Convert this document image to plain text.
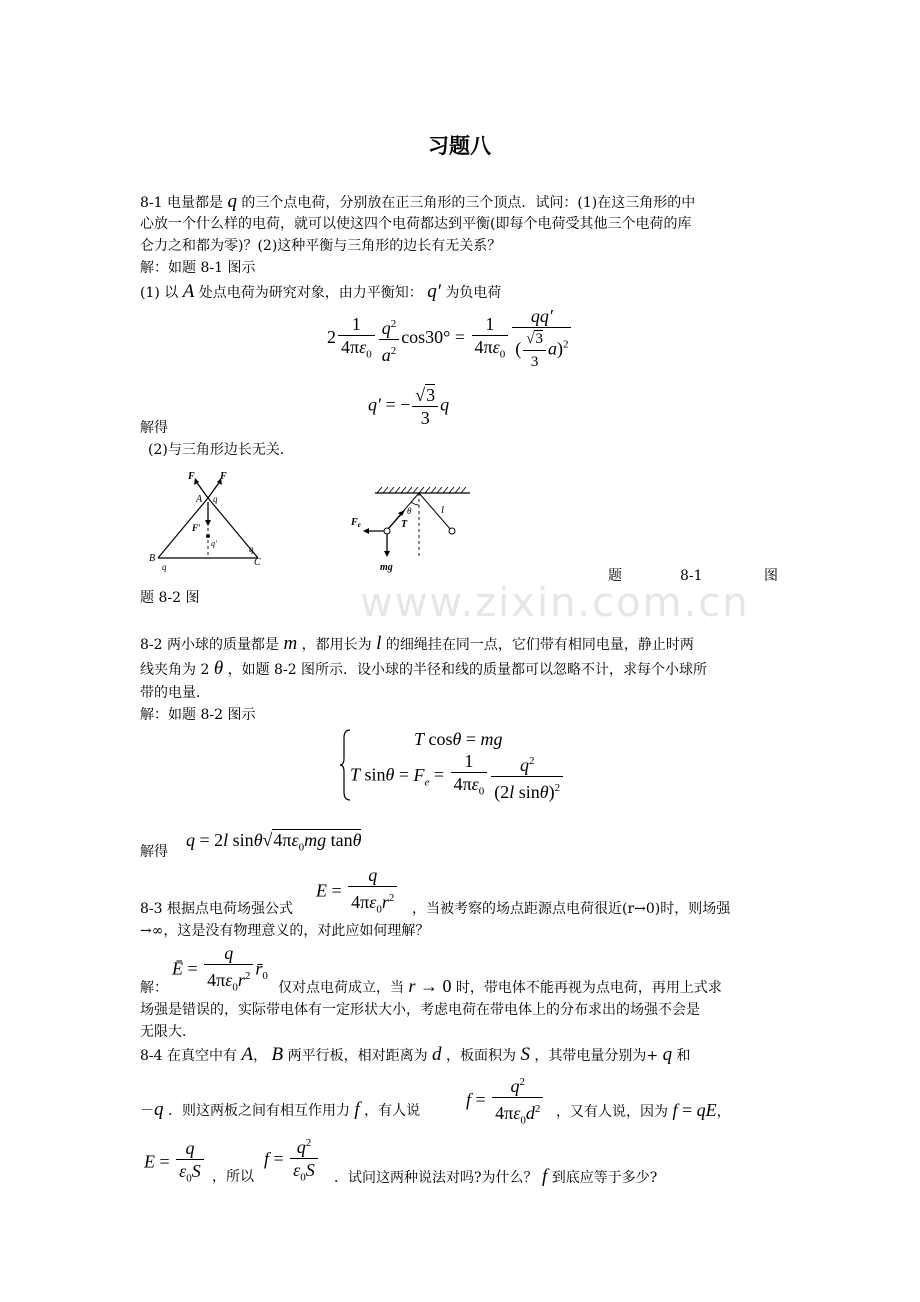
习题八
8-1 电量都是 q 的三个点电荷，分别放在正三角形的三个顶点．试问：(1)在这三角形的中
心放一个什么样的电荷，就可以使这四个电荷都达到平衡(即每个电荷受其他三个电荷的库
仑力之和都为零)？(2)这种平衡与三角形的边长有无关系？
解：如题 8-1 图示
(1) 以 A 处点电荷为研究对象，由力平衡知： q′ 为负电荷
$2 \frac{1}{4\pi\varepsilon_0} \frac{q^2}{a^2} \cos 30^\circ = \frac{1}{4\pi\varepsilon_0} \frac{qq'}{( \frac{√3}{3} a)^2}$
q′ = − $\frac{√3}{3}$ q
解得
(2)与三角形边长无关．
F	F
A q
F′
q′
B
q
q
C
$F_e$	T
θ	l
mg
题	8-1	图
题 8-2 图	www.zixin.com.cn
8-2 两小球的质量都是 m ，都用长为 l 的细绳挂在同一点，它们带有相同电量，静止时两
线夹角为 2 θ ，如题 8-2 图所示．设小球的半径和线的质量都可以忽略不计，求每个小球所
带的电量．
解：如题 8-2 图示
T cosθ = mg
T $\sin\theta = F_e = \frac{1}{4\pi\varepsilon_0} \frac{q^2}{(2l \sin\theta)^2}$
解得
q = 2l $\sin\theta√4\pi\varepsilon_0mg$ tanθ
$E = \frac{q}{4\pi\varepsilon_0r^2}$
8-3 根据点电荷场强公式	，当被考察的场点距源点电荷很近(r→0)时，则场强
→∞，这是没有物理意义的，对此应如何理解？
Ē = $\frac{q}{4\pi\varepsilon_0r^2}$ $r̄_0$
解：	仅对点电荷成立，当 r → 0 时，带电体不能再视为点电荷，再用上式求
场强是错误的，实际带电体有一定形状大小，考虑电荷在带电体上的分布求出的场强不会是
无限大．
8-4 在真空中有 A， B 两平行板，相对距离为 d ，板面积为 S ，其带电量分别为+ q 和
－q ．则这两板之间有相互作用力 f ，有人说
$f = \frac{q^2}{4\pi\varepsilon_0d^2}$ ，又有人说，因为 f = qE，
$E = \frac{q}{\varepsilon_0S}$ ，所以
$f = \frac{q^2}{\varepsilon_0S}$ ．试问这两种说法对吗?为什么？ f 到底应等于多少?
